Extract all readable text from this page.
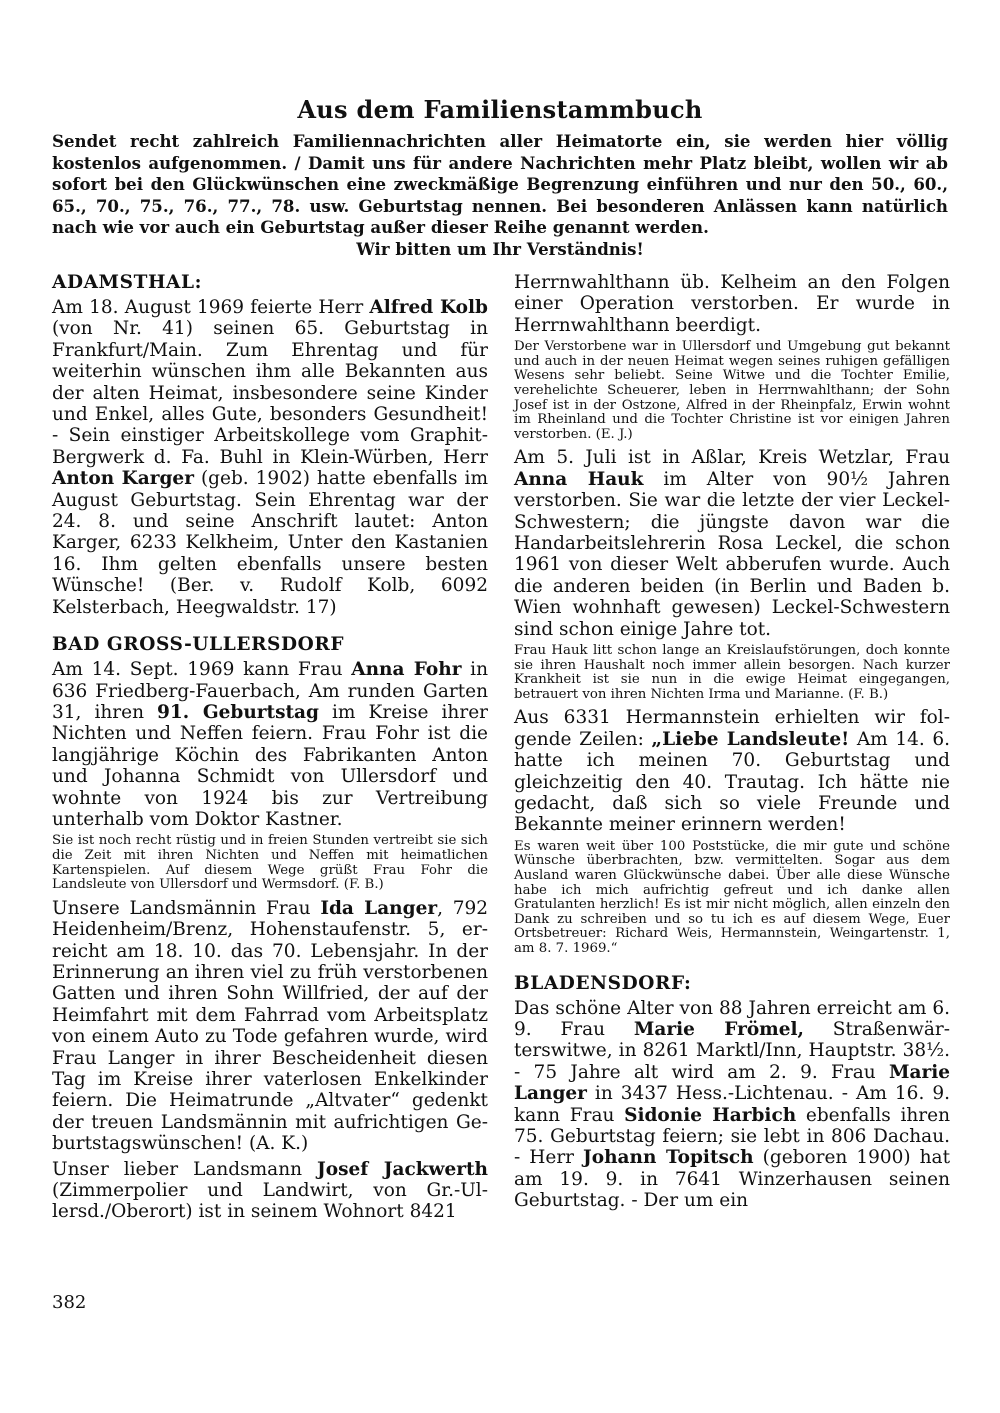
Aus dem Familienstammbuch
Sendet recht zahlreich Familiennachrichten aller Heimatorte ein, sie werden hier völlig kostenlos aufgenommen. / Damit uns für andere Nachrichten mehr Platz bleibt, wollen wir ab sofort bei den Glückwünschen eine zweckmäßige Begrenzung einführen und nur den 50., 60., 65., 70., 75., 76., 77., 78. usw. Geburtstag nennen. Bei besonderen Anlässen kann natürlich nach wie vor auch ein Geburtstag außer dieser Reihe genannt werden.
Wir bitten um Ihr Verständnis!
ADAMSTHAL:
Am 18. August 1969 feierte Herr Alfred Kolb (von Nr. 41) seinen 65. Geburtstag in Frankfurt/Main. Zum Ehrentag und für weiterhin wünschen ihm alle Bekannten aus der alten Heimat, insbesondere seine Kinder und Enkel, alles Gute, besonders Gesundheit! - Sein einstiger Arbeitskollege vom Graphit-Bergwerk d. Fa. Buhl in Klein-Würben, Herr Anton Karger (geb. 1902) hatte ebenfalls im August Geburtstag. Sein Ehrentag war der 24. 8. und seine Anschrift lautet: Anton Karger, 6233 Kelkheim, Unter den Kastanien 16. Ihm gelten ebenfalls unsere besten Wünsche! (Ber. v. Rudolf Kolb, 6092 Kelsterbach, Heegwaldstr. 17)
BAD GROSS-ULLERSDORF
Am 14. Sept. 1969 kann Frau Anna Fohr in 636 Friedberg-Fauerbach, Am runden Garten 31, ihren 91. Geburtstag im Kreise ihrer Nichten und Neffen feiern. Frau Fohr ist die langjährige Köchin des Fabrikanten Anton und Johanna Schmidt von Ullersdorf und wohnte von 1924 bis zur Vertreibung unterhalb vom Doktor Kastner.
Sie ist noch recht rüstig und in freien Stunden vertreibt sie sich die Zeit mit ihren Nichten und Neffen mit heimatlichen Kartenspielen. Auf diesem Wege grüßt Frau Fohr die Landsleute von Ullersdorf und Wermsdorf. (F. B.)
Unsere Landsmännin Frau Ida Langer, 792 Heidenheim/Brenz, Hohenstaufenstr. 5, erreicht am 18. 10. das 70. Lebensjahr. In der Erinnerung an ihren viel zu früh verstorbenen Gatten und ihren Sohn Willfried, der auf der Heimfahrt mit dem Fahrrad vom Arbeitsplatz von einem Auto zu Tode gefahren wurde, wird Frau Langer in ihrer Bescheidenheit diesen Tag im Kreise ihrer vaterlosen Enkelkinder feiern. Die Heimatrunde „Altvater“ gedenkt der treuen Landsmännin mit aufrichtigen Geburtstagswünschen! (A. K.)
Unser lieber Landsmann Josef Jackwerth (Zimmerpolier und Landwirt, von Gr.-Ullersd./Oberort) ist in seinem Wohnort 8421
Herrnwahlthann üb. Kelheim an den Folgen einer Operation verstorben. Er wurde in Herrnwahlthann beerdigt.
Der Verstorbene war in Ullersdorf und Umgebung gut bekannt und auch in der neuen Heimat wegen seines ruhigen gefälligen Wesens sehr beliebt. Seine Witwe und die Tochter Emilie, verehelichte Scheuerer, leben in Herrnwahlthann; der Sohn Josef ist in der Ostzone, Alfred in der Rheinpfalz, Erwin wohnt im Rheinland und die Tochter Christine ist vor einigen Jahren verstorben. (E. J.)
Am 5. Juli ist in Aßlar, Kreis Wetzlar, Frau Anna Hauk im Alter von 90½ Jahren verstorben. Sie war die letzte der vier Leckel-Schwestern; die jüngste davon war die Handarbeitslehrerin Rosa Leckel, die schon 1961 von dieser Welt abberufen wurde. Auch die anderen beiden (in Berlin und Baden b. Wien wohnhaft gewesen) Leckel-Schwestern sind schon einige Jahre tot.
Frau Hauk litt schon lange an Kreislaufstörungen, doch konnte sie ihren Haushalt noch immer allein besorgen. Nach kurzer Krankheit ist sie nun in die ewige Heimat eingegangen, betrauert von ihren Nichten Irma und Marianne. (F. B.)
Aus 6331 Hermannstein erhielten wir folgende Zeilen: „Liebe Landsleute! Am 14. 6. hatte ich meinen 70. Geburtstag und gleichzeitig den 40. Trautag. Ich hätte nie gedacht, daß sich so viele Freunde und Bekannte meiner erinnern werden!
Es waren weit über 100 Poststücke, die mir gute und schöne Wünsche überbrachten, bzw. vermittelten. Sogar aus dem Ausland waren Glückwünsche dabei. Über alle diese Wünsche habe ich mich aufrichtig gefreut und ich danke allen Gratulanten herzlich! Es ist mir nicht möglich, allen einzeln den Dank zu schreiben und so tu ich es auf diesem Wege, Euer Ortsbetreuer: Richard Weis, Hermannstein, Weingartenstr. 1, am 8. 7. 1969.“
BLADENSDORF:
Das schöne Alter von 88 Jahren erreicht am 6. 9. Frau Marie Frömel, Straßenwärterswitwe, in 8261 Marktl/Inn, Hauptstr. 38½. - 75 Jahre alt wird am 2. 9. Frau Marie Langer in 3437 Hess.-Lichtenau. - Am 16. 9. kann Frau Sidonie Harbich ebenfalls ihren 75. Geburtstag feiern; sie lebt in 806 Dachau. - Herr Johann Topitsch (geboren 1900) hat am 19. 9. in 7641 Winzerhausen seinen Geburtstag. - Der um ein
382
